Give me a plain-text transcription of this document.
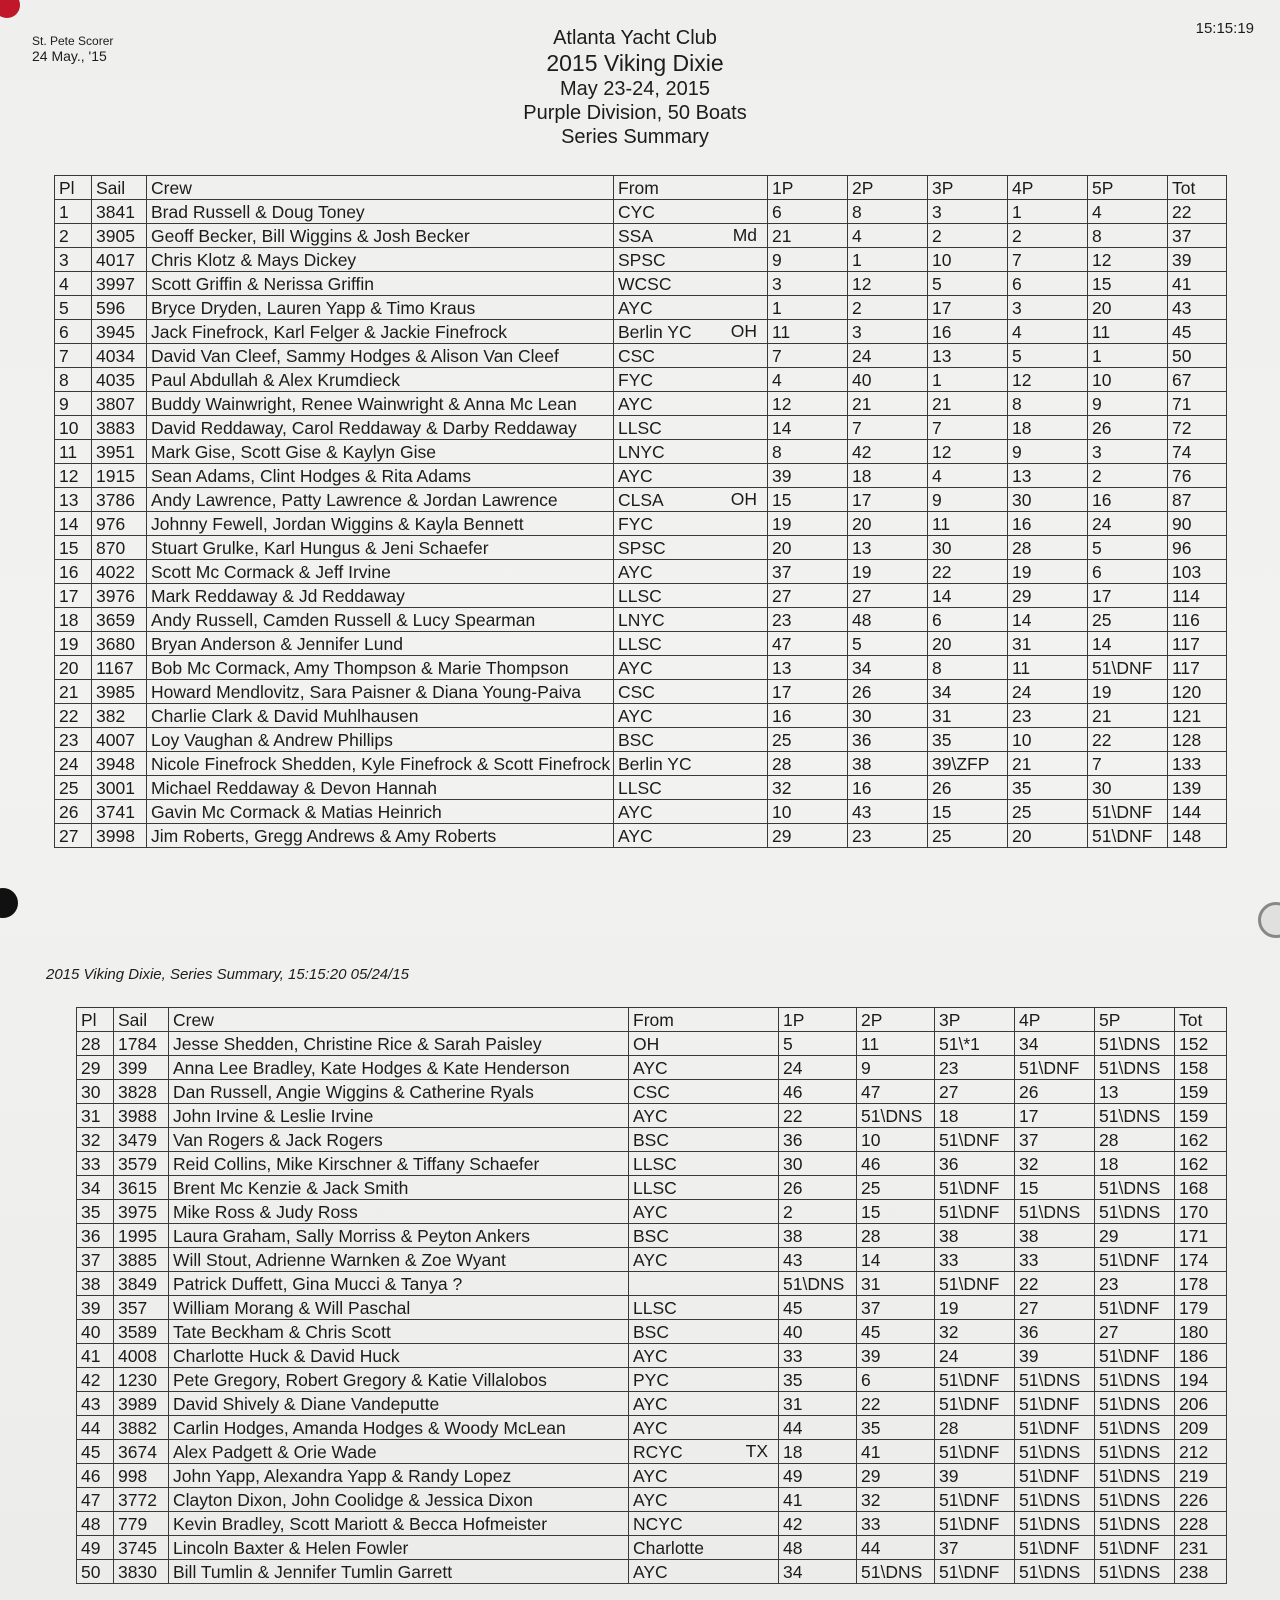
St. Pete Scorer
24 May., '15
15:15:19
Atlanta Yacht Club
2015 Viking Dixie
May 23-24, 2015
Purple Division, 50 Boats
Series Summary
Pl	Sail	Crew	From	1P	2P	3P	4P	5P	Tot
1	3841	Brad Russell & Doug Toney	CYC	6	8	3	1	4	22
2	3905	Geoff Becker, Bill Wiggins & Josh Becker	SSA Md	21	4	2	2	8	37
3	4017	Chris Klotz & Mays Dickey	SPSC	9	1	10	7	12	39
4	3997	Scott Griffin & Nerissa Griffin	WCSC	3	12	5	6	15	41
5	596	Bryce Dryden, Lauren Yapp & Timo Kraus	AYC	1	2	17	3	20	43
6	3945	Jack Finefrock, Karl Felger & Jackie Finefrock	Berlin YC OH	11	3	16	4	11	45
7	4034	David Van Cleef, Sammy Hodges & Alison Van Cleef	CSC	7	24	13	5	1	50
8	4035	Paul Abdullah & Alex Krumdieck	FYC	4	40	1	12	10	67
9	3807	Buddy Wainwright, Renee Wainwright & Anna Mc Lean	AYC	12	21	21	8	9	71
10	3883	David Reddaway, Carol Reddaway & Darby Reddaway	LLSC	14	7	7	18	26	72
11	3951	Mark Gise, Scott Gise & Kaylyn Gise	LNYC	8	42	12	9	3	74
12	1915	Sean Adams, Clint Hodges & Rita Adams	AYC	39	18	4	13	2	76
13	3786	Andy Lawrence, Patty Lawrence & Jordan Lawrence	CLSA OH	15	17	9	30	16	87
14	976	Johnny Fewell, Jordan Wiggins & Kayla Bennett	FYC	19	20	11	16	24	90
15	870	Stuart Grulke, Karl Hungus & Jeni Schaefer	SPSC	20	13	30	28	5	96
16	4022	Scott Mc Cormack & Jeff Irvine	AYC	37	19	22	19	6	103
17	3976	Mark Reddaway & Jd Reddaway	LLSC	27	27	14	29	17	114
18	3659	Andy Russell, Camden Russell & Lucy Spearman	LNYC	23	48	6	14	25	116
19	3680	Bryan Anderson & Jennifer Lund	LLSC	47	5	20	31	14	117
20	1167	Bob Mc Cormack, Amy Thompson & Marie Thompson	AYC	13	34	8	11	51\DNF	117
21	3985	Howard Mendlovitz, Sara Paisner & Diana Young-Paiva	CSC	17	26	34	24	19	120
22	382	Charlie Clark & David Muhlhausen	AYC	16	30	31	23	21	121
23	4007	Loy Vaughan & Andrew Phillips	BSC	25	36	35	10	22	128
24	3948	Nicole Finefrock Shedden, Kyle Finefrock & Scott Finefrock	Berlin YC	28	38	39\ZFP	21	7	133
25	3001	Michael Reddaway & Devon Hannah	LLSC	32	16	26	35	30	139
26	3741	Gavin Mc Cormack & Matias Heinrich	AYC	10	43	15	25	51\DNF	144
27	3998	Jim Roberts, Gregg Andrews & Amy Roberts	AYC	29	23	25	20	51\DNF	148
2015 Viking Dixie, Series Summary, 15:15:20 05/24/15
Pl	Sail	Crew	From	1P	2P	3P	4P	5P	Tot
28	1784	Jesse Shedden, Christine Rice & Sarah Paisley	OH	5	11	51\*1	34	51\DNS	152
29	399	Anna Lee Bradley, Kate Hodges & Kate Henderson	AYC	24	9	23	51\DNF	51\DNS	158
30	3828	Dan Russell, Angie Wiggins & Catherine Ryals	CSC	46	47	27	26	13	159
31	3988	John Irvine & Leslie Irvine	AYC	22	51\DNS	18	17	51\DNS	159
32	3479	Van Rogers & Jack Rogers	BSC	36	10	51\DNF	37	28	162
33	3579	Reid Collins, Mike Kirschner & Tiffany Schaefer	LLSC	30	46	36	32	18	162
34	3615	Brent Mc Kenzie & Jack Smith	LLSC	26	25	51\DNF	15	51\DNS	168
35	3975	Mike Ross & Judy Ross	AYC	2	15	51\DNF	51\DNS	51\DNS	170
36	1995	Laura Graham, Sally Morriss & Peyton Ankers	BSC	38	28	38	38	29	171
37	3885	Will Stout, Adrienne Warnken & Zoe Wyant	AYC	43	14	33	33	51\DNF	174
38	3849	Patrick Duffett, Gina Mucci & Tanya ?		51\DNS	31	51\DNF	22	23	178
39	357	William Morang & Will Paschal	LLSC	45	37	19	27	51\DNF	179
40	3589	Tate Beckham & Chris Scott	BSC	40	45	32	36	27	180
41	4008	Charlotte Huck & David Huck	AYC	33	39	24	39	51\DNF	186
42	1230	Pete Gregory, Robert Gregory & Katie Villalobos	PYC	35	6	51\DNF	51\DNS	51\DNS	194
43	3989	David Shively & Diane Vandeputte	AYC	31	22	51\DNF	51\DNF	51\DNS	206
44	3882	Carlin Hodges, Amanda Hodges & Woody McLean	AYC	44	35	28	51\DNF	51\DNS	209
45	3674	Alex Padgett & Orie Wade	RCYC TX	18	41	51\DNF	51\DNS	51\DNS	212
46	998	John Yapp, Alexandra Yapp & Randy Lopez	AYC	49	29	39	51\DNF	51\DNS	219
47	3772	Clayton Dixon, John Coolidge & Jessica Dixon	AYC	41	32	51\DNF	51\DNS	51\DNS	226
48	779	Kevin Bradley, Scott Mariott & Becca Hofmeister	NCYC	42	33	51\DNF	51\DNS	51\DNS	228
49	3745	Lincoln Baxter & Helen Fowler	Charlotte	48	44	37	51\DNF	51\DNF	231
50	3830	Bill Tumlin & Jennifer Tumlin Garrett	AYC	34	51\DNS	51\DNF	51\DNS	51\DNS	238
